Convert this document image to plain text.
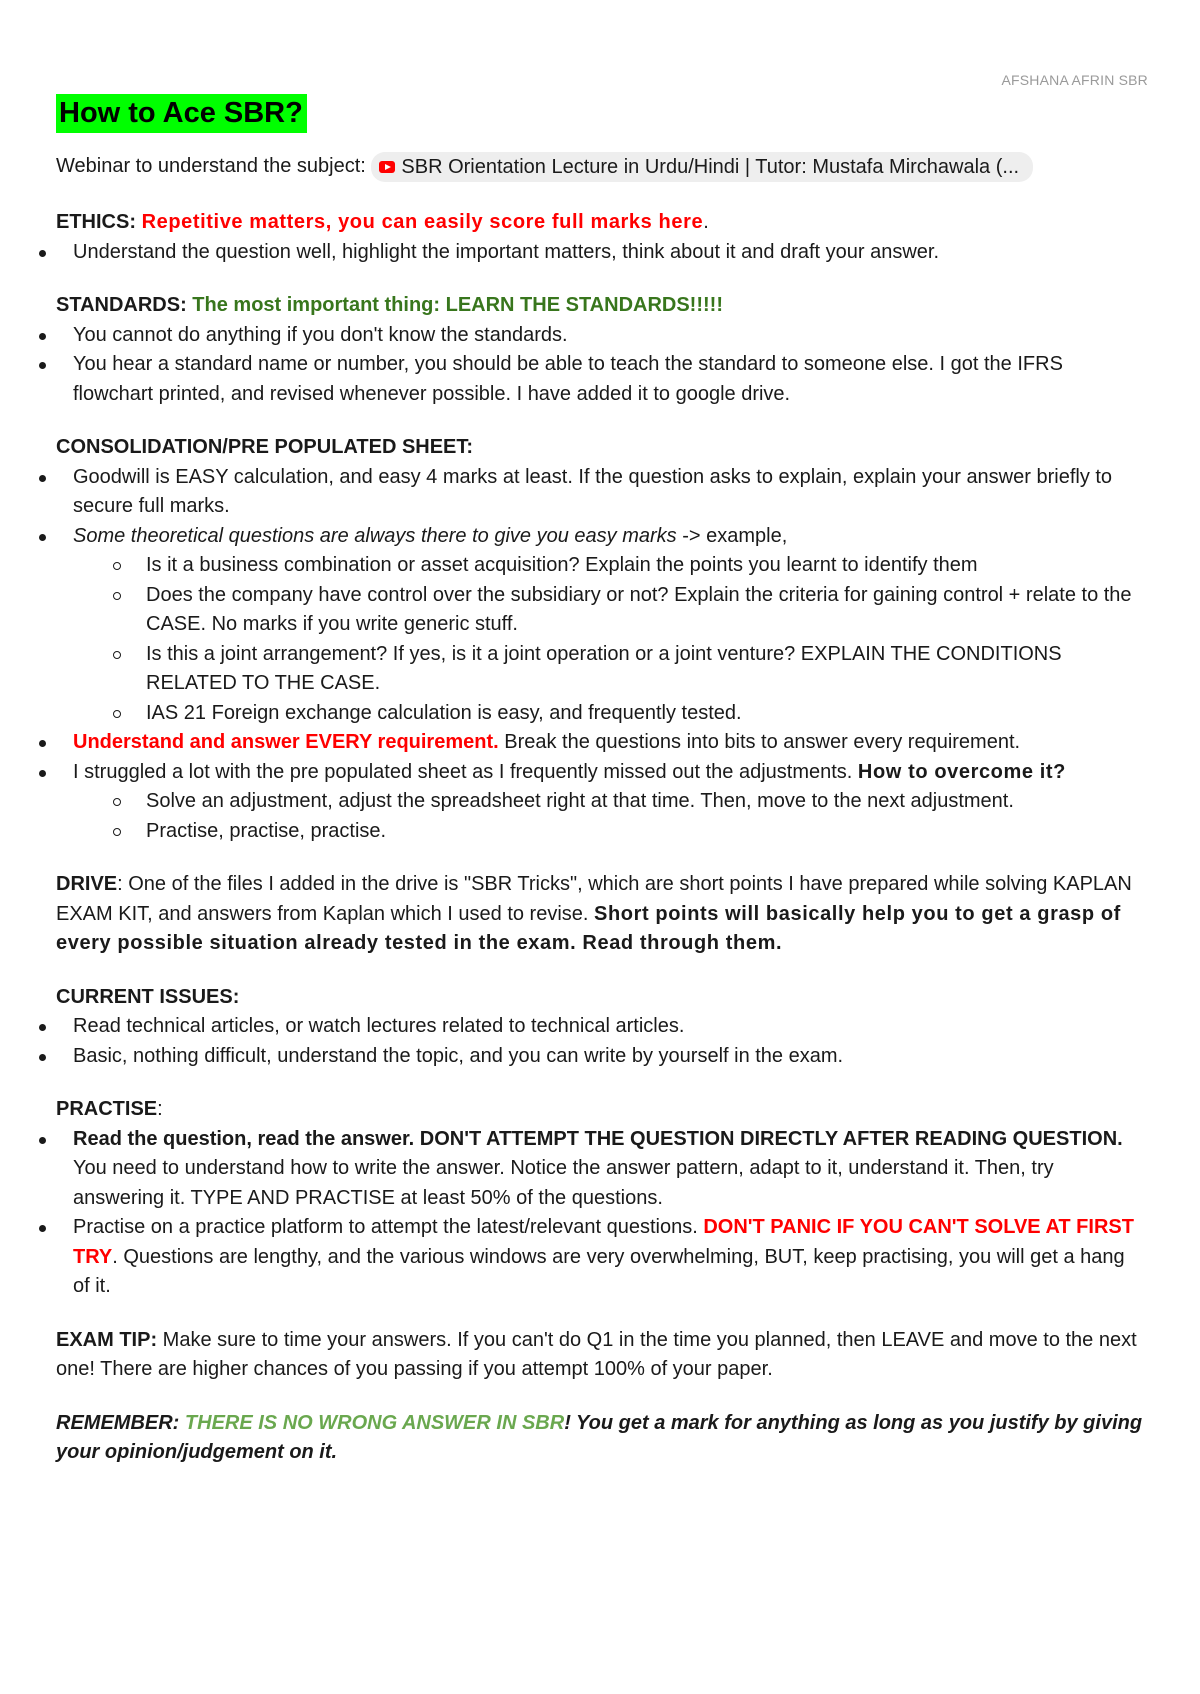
AFSHANA AFRIN SBR
How to Ace SBR?
Webinar to understand the subject: SBR Orientation Lecture in Urdu/Hindi | Tutor: Mustafa Mirchawala (...

ETHICS: Repetitive matters, you can easily score full marks here.

Understand the question well, highlight the important matters, think about it and draft your answer.

STANDARDS: The most important thing: LEARN THE STANDARDS!!!!!

You cannot do anything if you don't know the standards.
You hear a standard name or number, you should be able to teach the standard to someone else. I got the IFRS flowchart printed, and revised whenever possible. I have added it to google drive.

CONSOLIDATION/PRE POPULATED SHEET:

Goodwill is EASY calculation, and easy 4 marks at least. If the question asks to explain, explain your answer briefly to secure full marks.
Some theoretical questions are always there to give you easy marks -> example,
Is it a business combination or asset acquisition? Explain the points you learnt to identify them
Does the company have control over the subsidiary or not? Explain the criteria for gaining control + relate to the CASE. No marks if you write generic stuff.
Is this a joint arrangement? If yes, is it a joint operation or a joint venture? EXPLAIN THE CONDITIONS RELATED TO THE CASE.
IAS 21 Foreign exchange calculation is easy, and frequently tested.
Understand and answer EVERY requirement. Break the questions into bits to answer every requirement.
I struggled a lot with the pre populated sheet as I frequently missed out the adjustments. How to overcome it?
Solve an adjustment, adjust the spreadsheet right at that time. Then, move to the next adjustment.
Practise, practise, practise.

DRIVE: One of the files I added in the drive is "SBR Tricks", which are short points I have prepared while solving KAPLAN EXAM KIT, and answers from Kaplan which I used to revise. Short points will basically help you to get a grasp of every possible situation already tested in the exam. Read through them.

CURRENT ISSUES:

Read technical articles, or watch lectures related to technical articles.
Basic, nothing difficult, understand the topic, and you can write by yourself in the exam.

PRACTISE:

Read the question, read the answer. DON'T ATTEMPT THE QUESTION DIRECTLY AFTER READING QUESTION. You need to understand how to write the answer. Notice the answer pattern, adapt to it, understand it. Then, try answering it. TYPE AND PRACTISE at least 50% of the questions.
Practise on a practice platform to attempt the latest/relevant questions. DON'T PANIC IF YOU CAN'T SOLVE AT FIRST TRY. Questions are lengthy, and the various windows are very overwhelming, BUT, keep practising, you will get a hang of it.

EXAM TIP: Make sure to time your answers. If you can't do Q1 in the time you planned, then LEAVE and move to the next one! There are higher chances of you passing if you attempt 100% of your paper.

REMEMBER: THERE IS NO WRONG ANSWER IN SBR! You get a mark for anything as long as you justify by giving your opinion/judgement on it.
